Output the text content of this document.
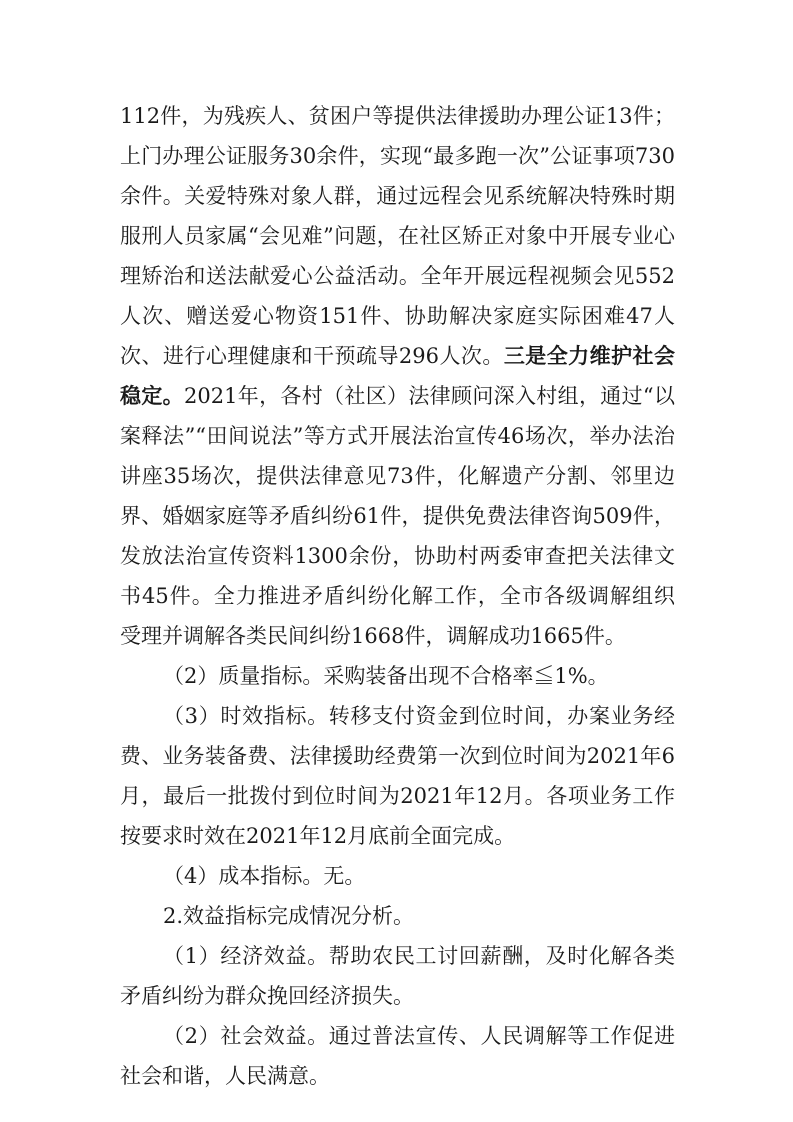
112件，为残疾人、贫困户等提供法律援助办理公证13件；
上门办理公证服务30余件，实现“最多跑一次”公证事项730
余件。关爱特殊对象人群，通过远程会见系统解决特殊时期
服刑人员家属“会见难”问题，在社区矫正对象中开展专业心
理矫治和送法献爱心公益活动。全年开展远程视频会见552
人次、赠送爱心物资151件、协助解决家庭实际困难47人
次、进行心理健康和干预疏导296人次。三是全力维护社会
稳定。2021年，各村（社区）法律顾问深入村组，通过“以
案释法”“田间说法”等方式开展法治宣传46场次，举办法治
讲座35场次，提供法律意见73件，化解遗产分割、邻里边
界、婚姻家庭等矛盾纠纷61件，提供免费法律咨询509件，
发放法治宣传资料1300余份，协助村两委审查把关法律文
书45件。全力推进矛盾纠纷化解工作，全市各级调解组织
受理并调解各类民间纠纷1668件，调解成功1665件。
（2）质量指标。采购装备出现不合格率≦1%。
（3）时效指标。转移支付资金到位时间，办案业务经
费、业务装备费、法律援助经费第一次到位时间为2021年6
月，最后一批拨付到位时间为2021年12月。各项业务工作
按要求时效在2021年12月底前全面完成。
（4）成本指标。无。
2.效益指标完成情况分析。
（1）经济效益。帮助农民工讨回薪酬，及时化解各类
矛盾纠纷为群众挽回经济损失。
（2）社会效益。通过普法宣传、人民调解等工作促进
社会和谐，人民满意。
